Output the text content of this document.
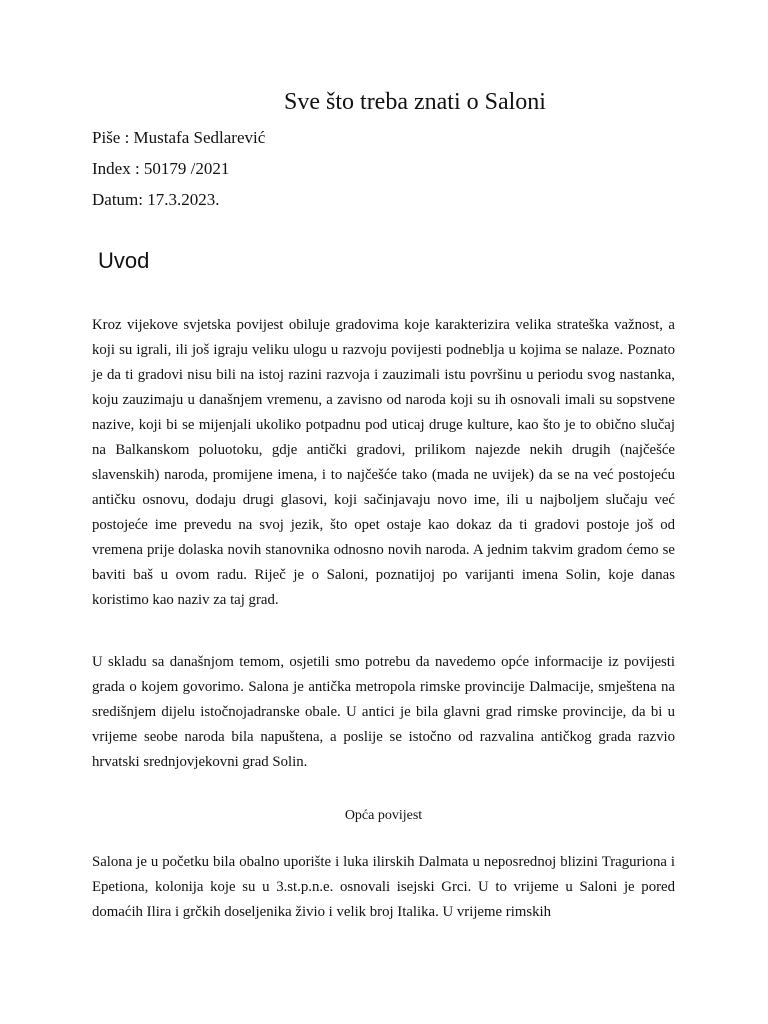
Sve što treba znati o Saloni
Piše : Mustafa Sedlarević
Index : 50179 /2021
Datum: 17.3.2023.
Uvod

Kroz vijekove svjetska povijest obiluje gradovima koje karakterizira velika strateška važnost, a koji su igrali, ili još igraju veliku ulogu u razvoju povijesti podneblja u kojima se nalaze. Poznato je da ti gradovi nisu bili na istoj razini razvoja i zauzimali istu površinu u periodu svog nastanka, koju zauzimaju u današnjem vremenu, a zavisno od naroda koji su ih osnovali imali su sopstvene nazive, koji bi se mijenjali ukoliko potpadnu pod uticaj druge kulture, kao što je to obično slučaj na Balkanskom poluotoku, gdje antički gradovi, prilikom najezde nekih drugih (najčešće slavenskih) naroda, promijene imena, i to najčešće tako (mada ne uvijek) da se na već postojeću antičku osnovu, dodaju drugi glasovi, koji sačinjavaju novo ime, ili u najboljem slučaju već postojeće ime prevedu na svoj jezik, što opet ostaje kao dokaz da ti gradovi postoje još od vremena prije dolaska novih stanovnika odnosno novih naroda. A jednim takvim gradom ćemo se baviti baš u ovom radu. Riječ je o Saloni, poznatijoj po varijanti imena Solin, koje danas koristimo kao naziv za taj grad.

U skladu sa današnjom temom, osjetili smo potrebu da navedemo opće informacije iz povijesti grada o kojem govorimo. Salona je antička metropola rimske provincije Dalmacije, smještena na središnjem dijelu istočnojadranske obale. U antici je bila glavni grad rimske provincije, da bi u vrijeme seobe naroda bila napuštena, a poslije se istočno od razvalina antičkog grada razvio hrvatski srednjovjekovni grad Solin.

Opća povijest

Salona je u početku bila obalno uporište i luka ilirskih Dalmata u neposrednoj blizini Traguriona i Epetiona, kolonija koje su u 3.st.p.n.e. osnovali isejski Grci. U to vrijeme u Saloni je pored domaćih Ilira i grčkih doseljenika živio i velik broj Italika. U vrijeme rimskih
